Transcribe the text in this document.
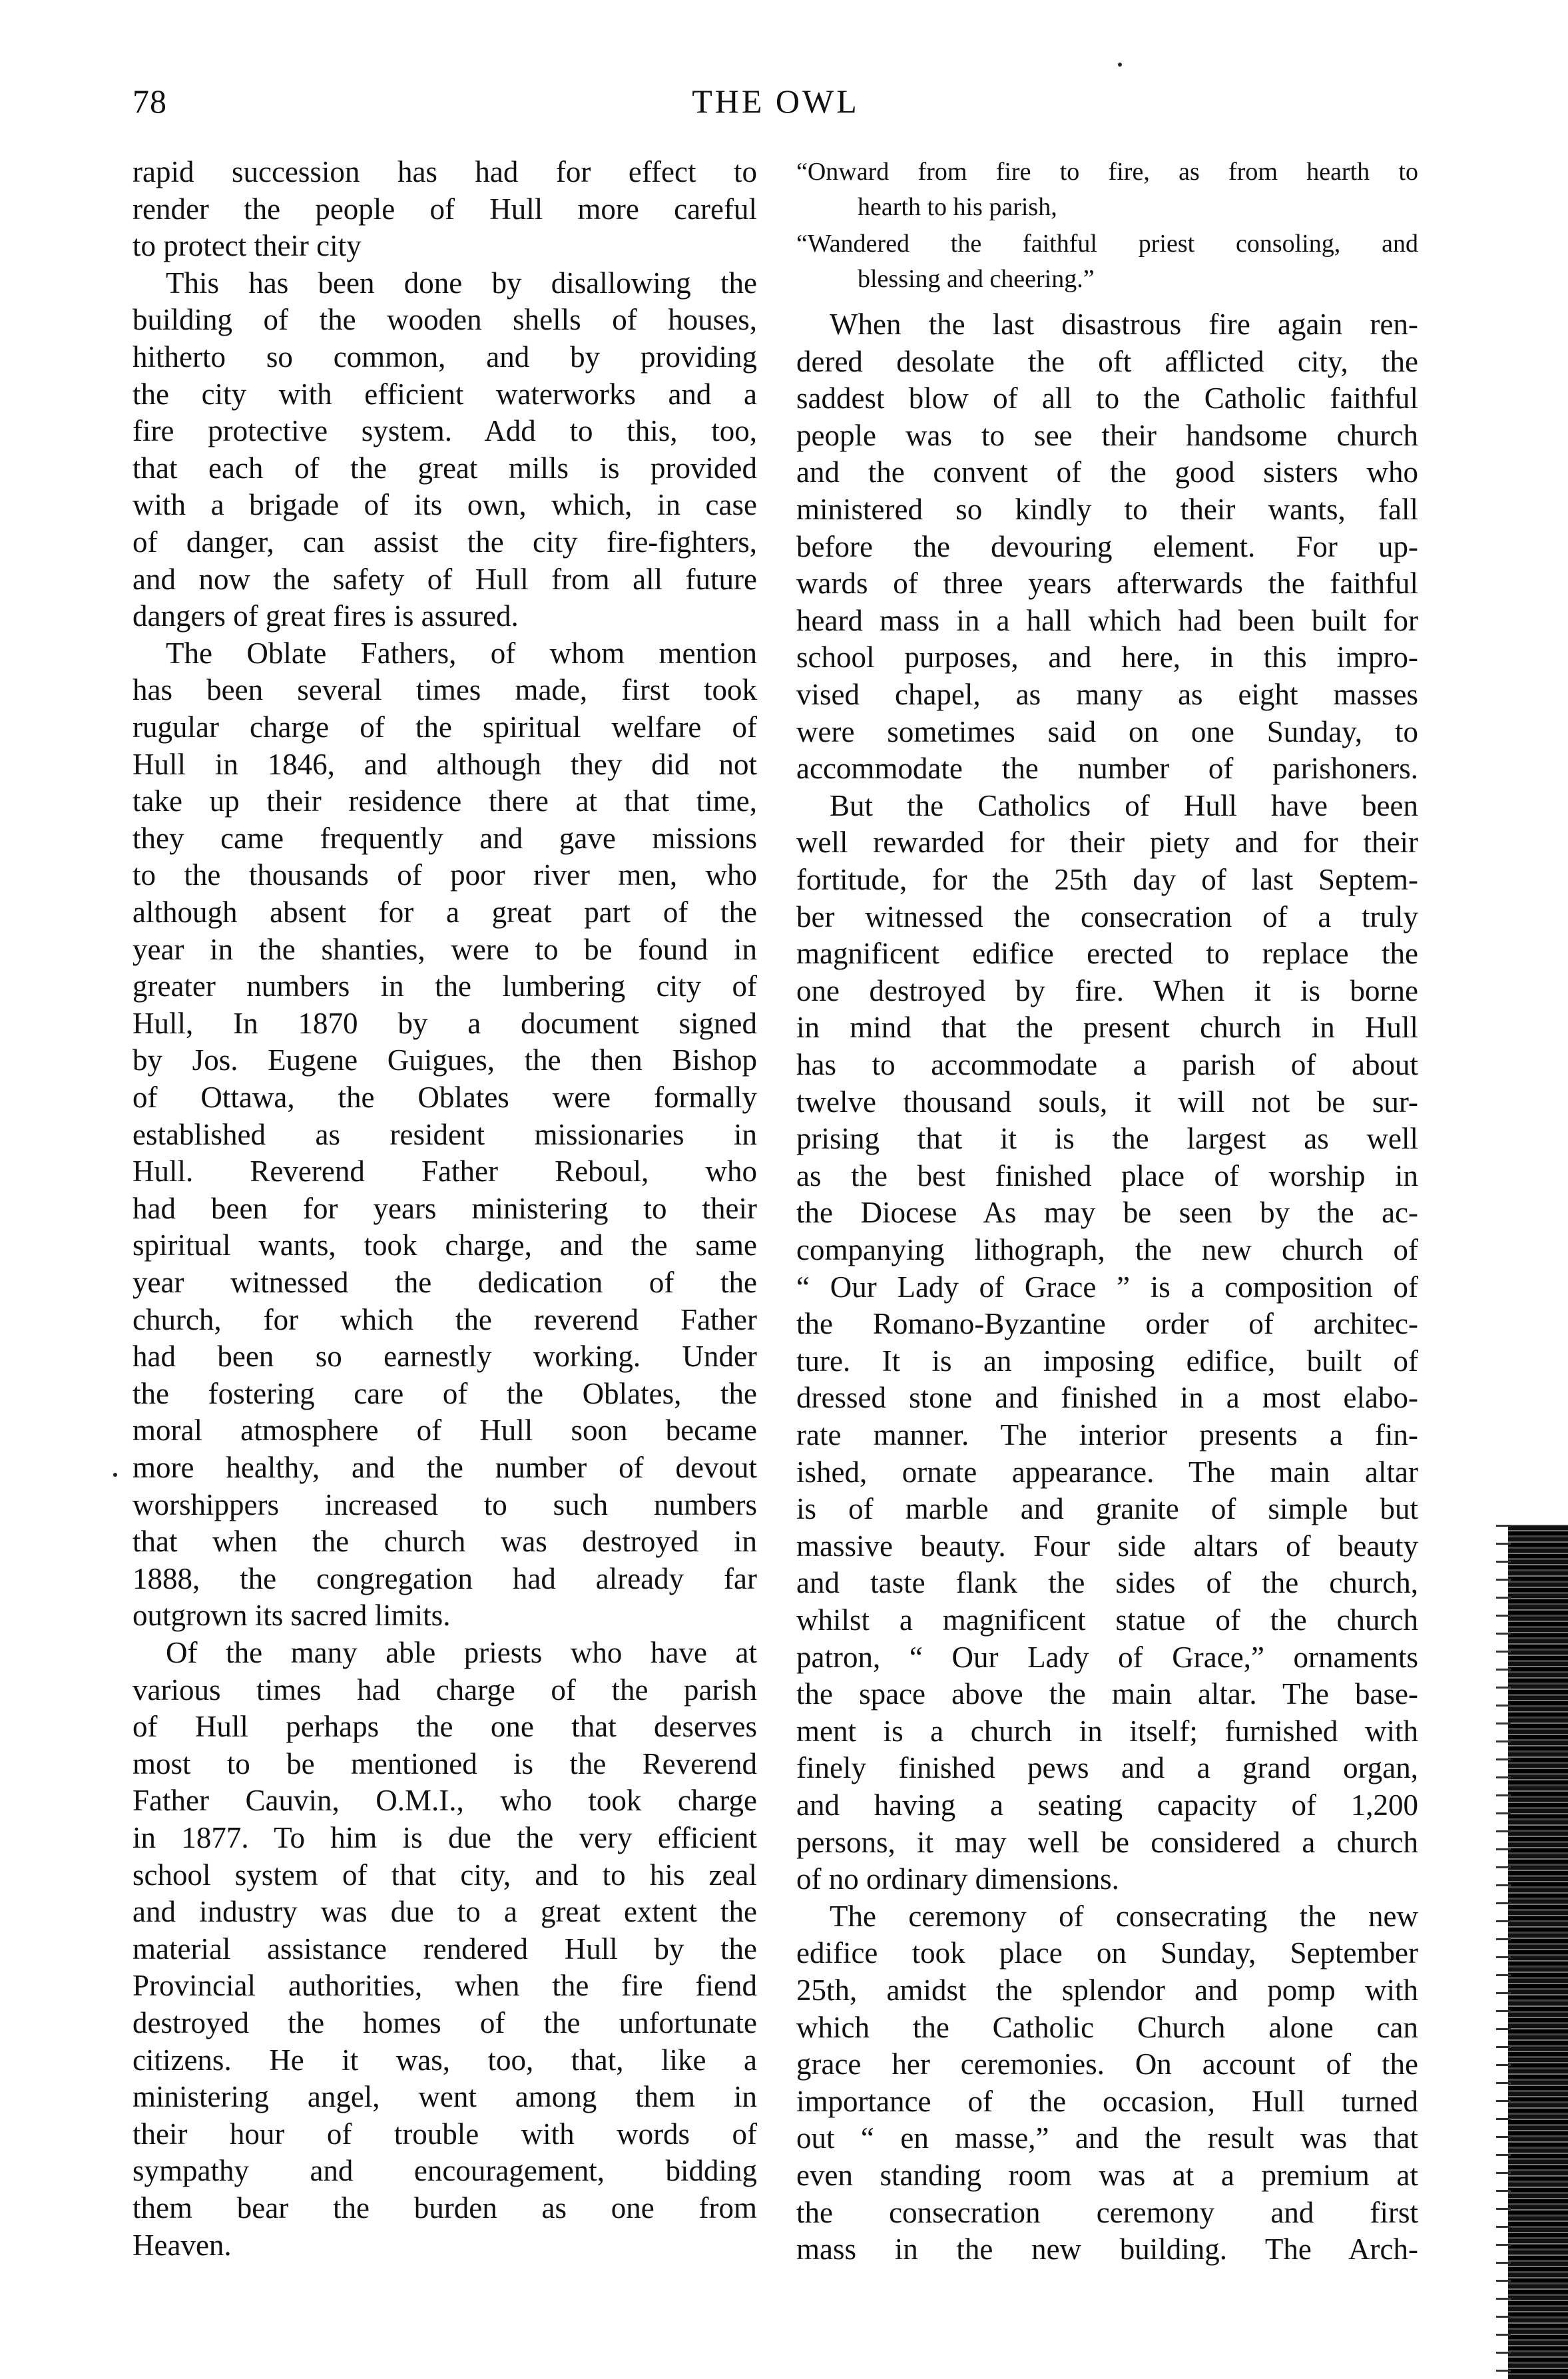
78	THE OWL
rapid succession has had for effect to
render the people of Hull more careful
to protect their city
This has been done by disallowing the
building of the wooden shells of houses,
hitherto so common, and by providing
the city with efficient waterworks and a
fire protective system. Add to this, too,
that each of the great mills is provided
with a brigade of its own, which, in case
of danger, can assist the city fire-fighters,
and now the safety of Hull from all future
dangers of great fires is assured.
The Oblate Fathers, of whom mention
has been several times made, first took
rugular charge of the spiritual welfare of
Hull in 1846, and although they did not
take up their residence there at that time,
they came frequently and gave missions
to the thousands of poor river men, who
although absent for a great part of the
year in the shanties, were to be found in
greater numbers in the lumbering city of
Hull, In 1870 by a document signed
by Jos. Eugene Guigues, the then Bishop
of Ottawa, the Oblates were formally
established as resident missionaries in
Hull. Reverend Father Reboul, who
had been for years ministering to their
spiritual wants, took charge, and the same
year witnessed the dedication of the
church, for which the reverend Father
had been so earnestly working. Under
the fostering care of the Oblates, the
moral atmosphere of Hull soon became
more healthy, and the number of devout
worshippers increased to such numbers
that when the church was destroyed in
1888, the congregation had already far
outgrown its sacred limits.
Of the many able priests who have at
various times had charge of the parish
of Hull perhaps the one that deserves
most to be mentioned is the Reverend
Father Cauvin, O.M.I., who took charge
in 1877. To him is due the very efficient
school system of that city, and to his zeal
and industry was due to a great extent the
material assistance rendered Hull by the
Provincial authorities, when the fire fiend
destroyed the homes of the unfortunate
citizens. He it was, too, that, like a
ministering angel, went among them in
their hour of trouble with words of
sympathy and encouragement, bidding
them bear the burden as one from
Heaven.
“Onward from fire to fire, as from hearth to
hearth to his parish,
“Wandered the faithful priest consoling, and
blessing and cheering.”
When the last disastrous fire again ren-
dered desolate the oft afflicted city, the
saddest blow of all to the Catholic faithful
people was to see their handsome church
and the convent of the good sisters who
ministered so kindly to their wants, fall
before the devouring element. For up-
wards of three years afterwards the faithful
heard mass in a hall which had been built for
school purposes, and here, in this impro-
vised chapel, as many as eight masses
were sometimes said on one Sunday, to
accommodate the number of parishoners.
But the Catholics of Hull have been
well rewarded for their piety and for their
fortitude, for the 25th day of last Septem-
ber witnessed the consecration of a truly
magnificent edifice erected to replace the
one destroyed by fire. When it is borne
in mind that the present church in Hull
has to accommodate a parish of about
twelve thousand souls, it will not be sur-
prising that it is the largest as well
as the best finished place of worship in
the Diocese As may be seen by the ac-
companying lithograph, the new church of
“ Our Lady of Grace ” is a composition of
the Romano-Byzantine order of architec-
ture. It is an imposing edifice, built of
dressed stone and finished in a most elabo-
rate manner. The interior presents a fin-
ished, ornate appearance. The main altar
is of marble and granite of simple but
massive beauty. Four side altars of beauty
and taste flank the sides of the church,
whilst a magnificent statue of the church
patron, “ Our Lady of Grace,” ornaments
the space above the main altar. The base-
ment is a church in itself; furnished with
finely finished pews and a grand organ,
and having a seating capacity of 1,200
persons, it may well be considered a church
of no ordinary dimensions.
The ceremony of consecrating the new
edifice took place on Sunday, September
25th, amidst the splendor and pomp with
which the Catholic Church alone can
grace her ceremonies. On account of the
importance of the occasion, Hull turned
out “ en masse,” and the result was that
even standing room was at a premium at
the consecration ceremony and first
mass in the new building. The Arch-
